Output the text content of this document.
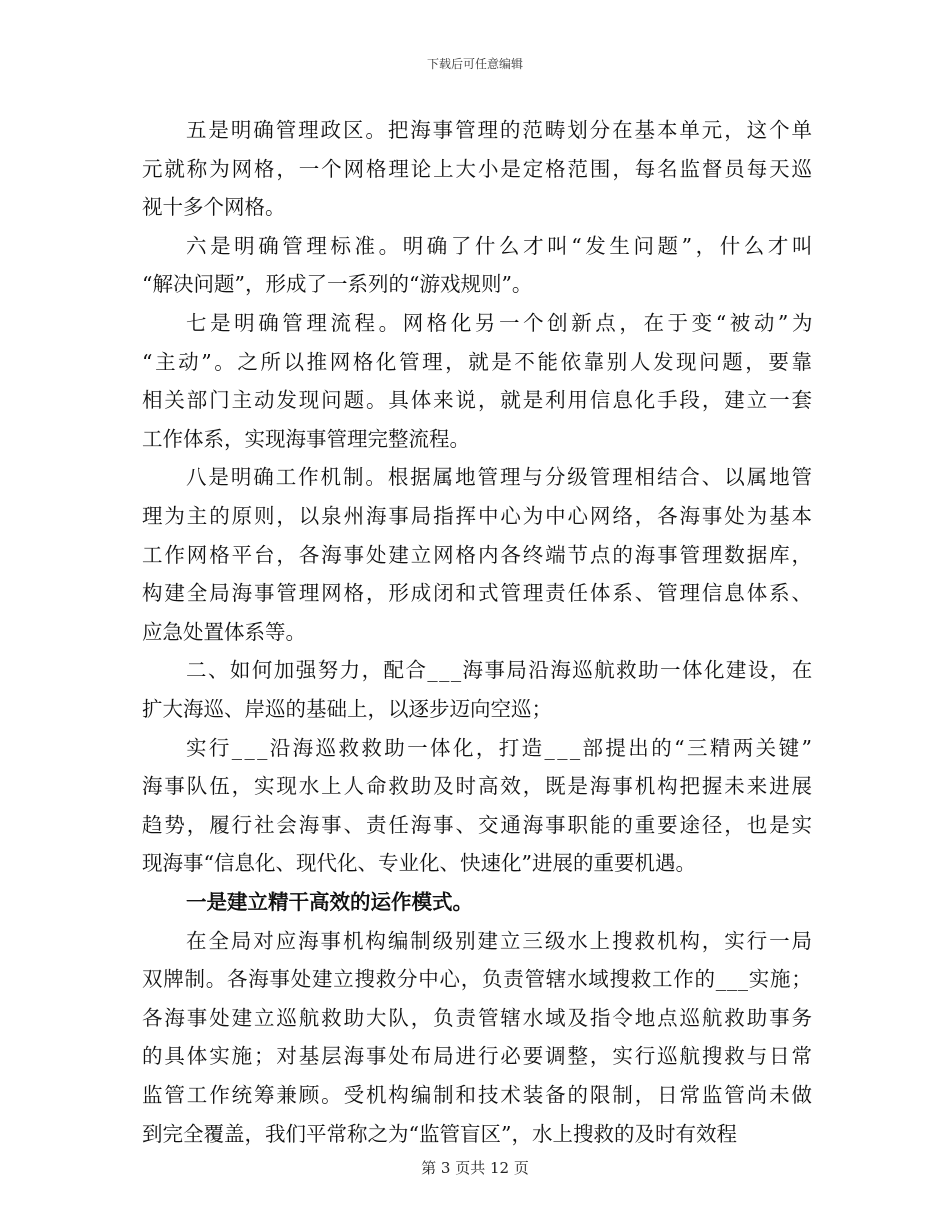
下载后可任意编辑
五是明确管理政区。把海事管理的范畴划分在基本单元，这个单
元就称为网格，一个网格理论上大小是定格范围，每名监督员每天巡
视十多个网格。
六是明确管理标准。明确了什么才叫“发生问题”，什么才叫
“解决问题”，形成了一系列的“游戏规则”。
七是明确管理流程。网格化另一个创新点，在于变“被动”为
“主动”。之所以推网格化管理，就是不能依靠别人发现问题，要靠
相关部门主动发现问题。具体来说，就是利用信息化手段，建立一套
工作体系，实现海事管理完整流程。
八是明确工作机制。根据属地管理与分级管理相结合、以属地管
理为主的原则，以泉州海事局指挥中心为中心网络，各海事处为基本
工作网格平台，各海事处建立网格内各终端节点的海事管理数据库，
构建全局海事管理网格，形成闭和式管理责任体系、管理信息体系、
应急处置体系等。
二、如何加强努力，配合___海事局沿海巡航救助一体化建设，在
扩大海巡、岸巡的基础上，以逐步迈向空巡；
实行___沿海巡救救助一体化，打造___部提出的“三精两关键”
海事队伍，实现水上人命救助及时高效，既是海事机构把握未来进展
趋势，履行社会海事、责任海事、交通海事职能的重要途径，也是实
现海事“信息化、现代化、专业化、快速化”进展的重要机遇。
一是建立精干高效的运作模式。
在全局对应海事机构编制级别建立三级水上搜救机构，实行一局
双牌制。各海事处建立搜救分中心，负责管辖水域搜救工作的___实施；
各海事处建立巡航救助大队，负责管辖水域及指令地点巡航救助事务
的具体实施；对基层海事处布局进行必要调整，实行巡航搜救与日常
监管工作统筹兼顾。受机构编制和技术装备的限制，日常监管尚未做
到完全覆盖，我们平常称之为“监管盲区”，水上搜救的及时有效程
第 3 页共 12 页
